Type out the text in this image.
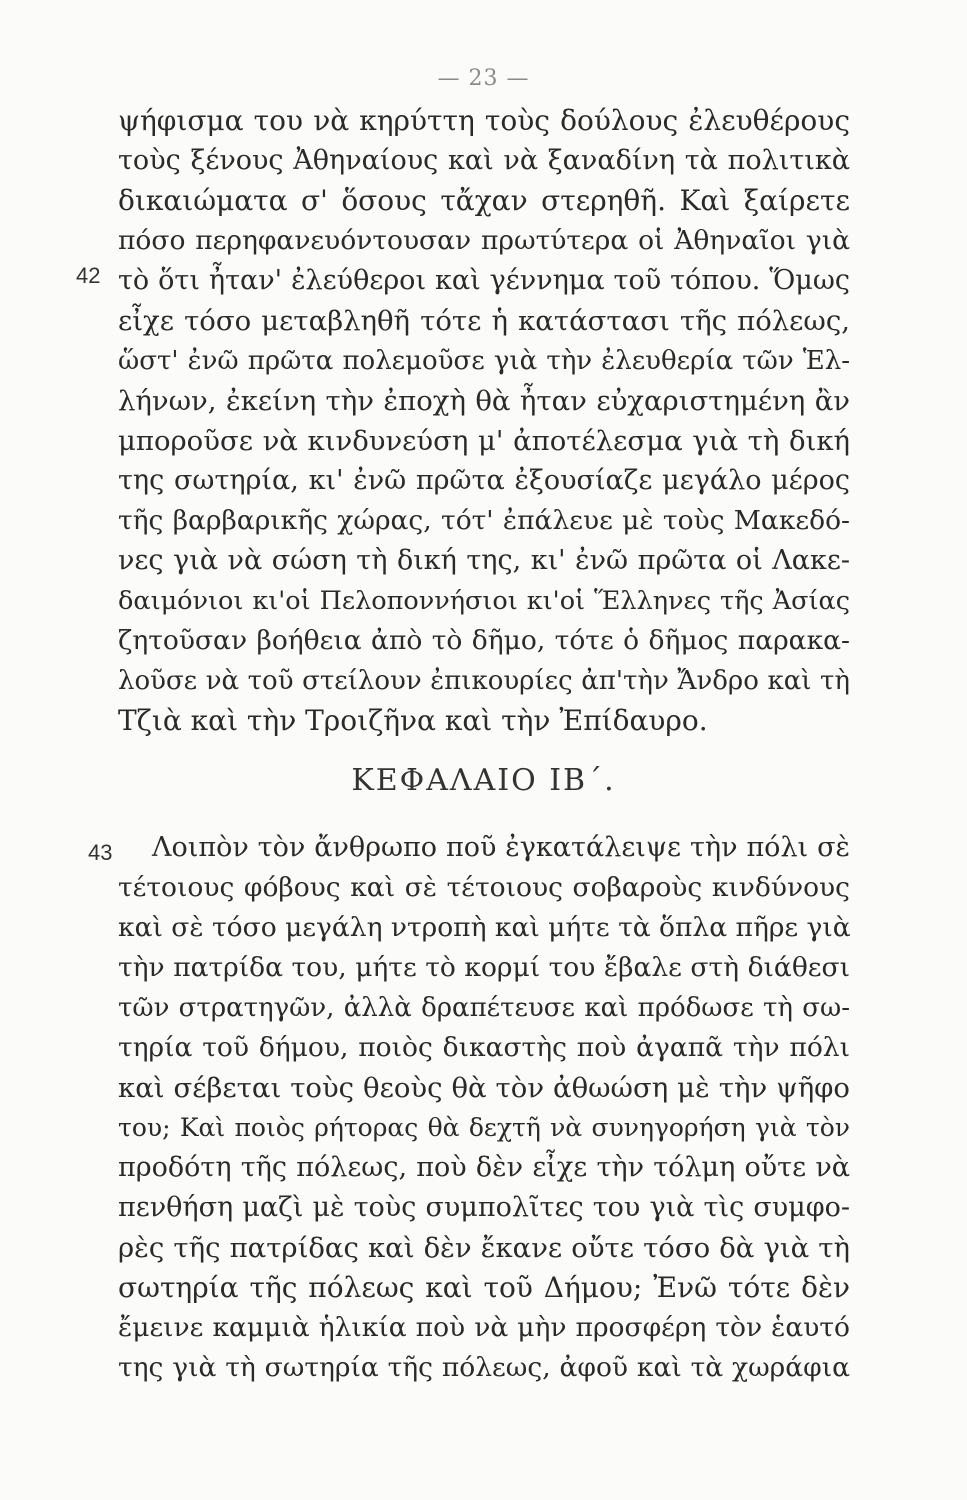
— 23 —
42
ψήφισμα του νὰ κηρύττη τοὺς δούλους ἐλευθέρους
τοὺς ξένους Ἀθηναίους καὶ νὰ ξαναδίνη τὰ πολιτικὰ
δικαιώματα σ' ὅσους τἄχαν στερηθῆ. Καὶ ξαίρετε
πόσο περηφανευόντουσαν πρωτύτερα οἱ Ἀθηναῖοι γιὰ
τὸ ὅτι ἦταν' ἐλεύθεροι καὶ γέννημα τοῦ τόπου. Ὅμως
εἶχε τόσο μεταβληθῆ τότε ἡ κατάστασι τῆς πόλεως,
ὥστ' ἐνῶ πρῶτα πολεμοῦσε γιὰ τὴν ἐλευθερία τῶν Ἑλ-
λήνων, ἐκείνη τὴν ἐποχὴ θὰ ἦταν εὐχαριστημένη ἂν
μποροῦσε νὰ κινδυνεύση μ' ἀποτέλεσμα γιὰ τὴ δική
της σωτηρία, κι' ἐνῶ πρῶτα ἐξουσίαζε μεγάλο μέρος
τῆς βαρβαρικῆς χώρας, τότ' ἐπάλευε μὲ τοὺς Μακεδό-
νες γιὰ νὰ σώση τὴ δική της, κι' ἐνῶ πρῶτα οἱ Λακε-
δαιμόνιοι κι'οἱ Πελοποννήσιοι κι'οἱ Ἕλληνες τῆς Ἀσίας
ζητοῦσαν βοήθεια ἀπὸ τὸ δῆμο, τότε ὁ δῆμος παρακα-
λοῦσε νὰ τοῦ στείλουν ἐπικουρίες ἀπ'τὴν Ἄνδρο καὶ τὴ
Τζιὰ καὶ τὴν Τροιζῆνα καὶ τὴν Ἐπίδαυρο.
ΚΕΦΑΛΑΙΟ ΙΒ΄.
43 Λοιπὸν τὸν ἄνθρωπο ποῦ ἐγκατάλειψε τὴν πόλι σὲ
τέτοιους φόβους καὶ σὲ τέτοιους σοβαροὺς κινδύνους
καὶ σὲ τόσο μεγάλη ντροπὴ καὶ μήτε τὰ ὅπλα πῆρε γιὰ
τὴν πατρίδα του, μήτε τὸ κορμί του ἔβαλε στὴ διάθεσι
τῶν στρατηγῶν, ἀλλὰ δραπέτευσε καὶ πρόδωσε τὴ σω-
τηρία τοῦ δήμου, ποιὸς δικαστὴς ποὺ ἀγαπᾶ τὴν πόλι
καὶ σέβεται τοὺς θεοὺς θὰ τὸν ἀθωώση μὲ τὴν ψῆφο
του; Καὶ ποιὸς ρήτορας θὰ δεχτῆ νὰ συνηγορήση γιὰ τὸν
προδότη τῆς πόλεως, ποὺ δὲν εἶχε τὴν τόλμη οὔτε νὰ
πενθήση μαζὶ μὲ τοὺς συμπολῖτες του γιὰ τὶς συμφο-
ρὲς τῆς πατρίδας καὶ δὲν ἔκανε οὔτε τόσο δὰ γιὰ τὴ
σωτηρία τῆς πόλεως καὶ τοῦ Δήμου; Ἐνῶ τότε δὲν
ἔμεινε καμμιὰ ἡλικία ποὺ νὰ μὴν προσφέρη τὸν ἑαυτό
της γιὰ τὴ σωτηρία τῆς πόλεως, ἀφοῦ καὶ τὰ χωράφια
